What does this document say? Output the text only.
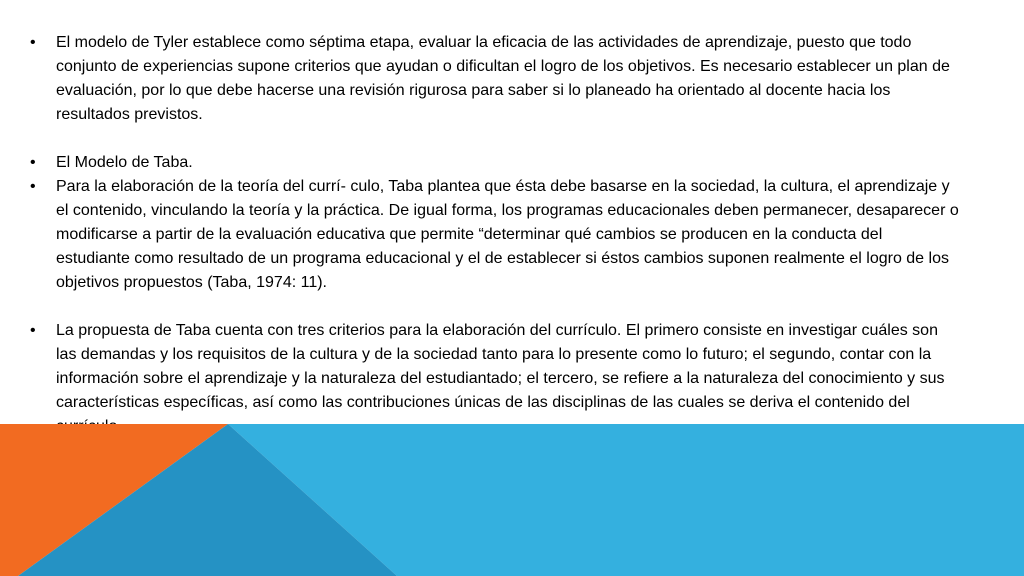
•	El modelo de Tyler establece como séptima etapa, evaluar la eficacia de las actividades de aprendizaje, puesto que todo conjunto de experiencias supone criterios que ayudan o dificultan el logro de los objetivos. Es necesario establecer un plan de evaluación, por lo que debe hacerse una revisión rigurosa para saber si lo planeado ha orientado al docente hacia los resultados previstos.
•	El Modelo de Taba.
•	Para la elaboración de la teoría del currí- culo, Taba plantea que ésta debe basarse en la sociedad, la cultura, el aprendizaje y el contenido, vinculando la teoría y la práctica. De igual forma, los programas educacionales deben permanecer, desaparecer o modificarse a partir de la evaluación educativa que permite “determinar qué cambios se producen en la conducta del estudiante como resultado de un programa educacional y el de establecer si éstos cambios suponen realmente el logro de los objetivos propuestos (Taba, 1974: 11).
•	La propuesta de Taba cuenta con tres criterios para la elaboración del currículo. El primero consiste en investigar cuáles son las demandas y los requisitos de la cultura y de la sociedad tanto para lo presente como lo futuro; el segundo, contar con la información sobre el aprendizaje y la naturaleza del estudiantado; el tercero, se refiere a la naturaleza del conocimiento y sus características específicas, así como las contribuciones únicas de las disciplinas de las cuales se deriva el contenido del
